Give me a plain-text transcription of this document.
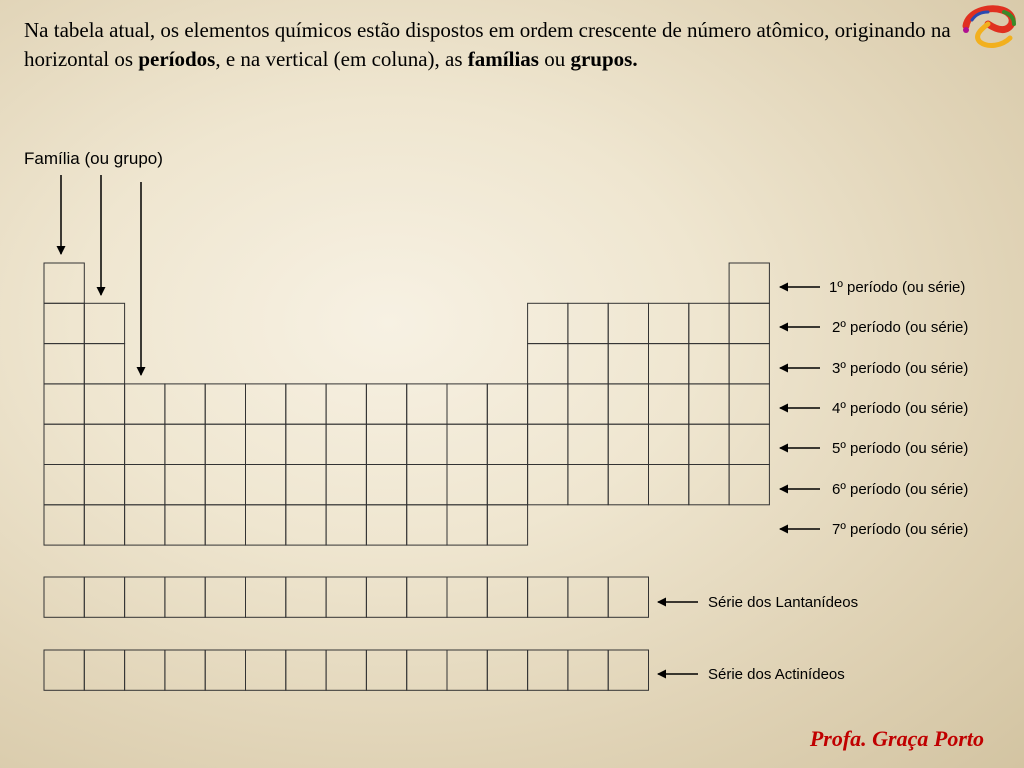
Na tabela atual, os elementos químicos estão dispostos em ordem crescente de número atômico, originando na horizontal os períodos, e na vertical (em coluna), as famílias ou grupos.
Família (ou grupo)
1º período (ou série)
2º período (ou série)
3º período (ou série)
4º período (ou série)
5º período (ou série)
6º período (ou série)
7º período (ou série)
Série dos Lantanídeos
Série dos Actinídeos
Profa. Graça Porto
